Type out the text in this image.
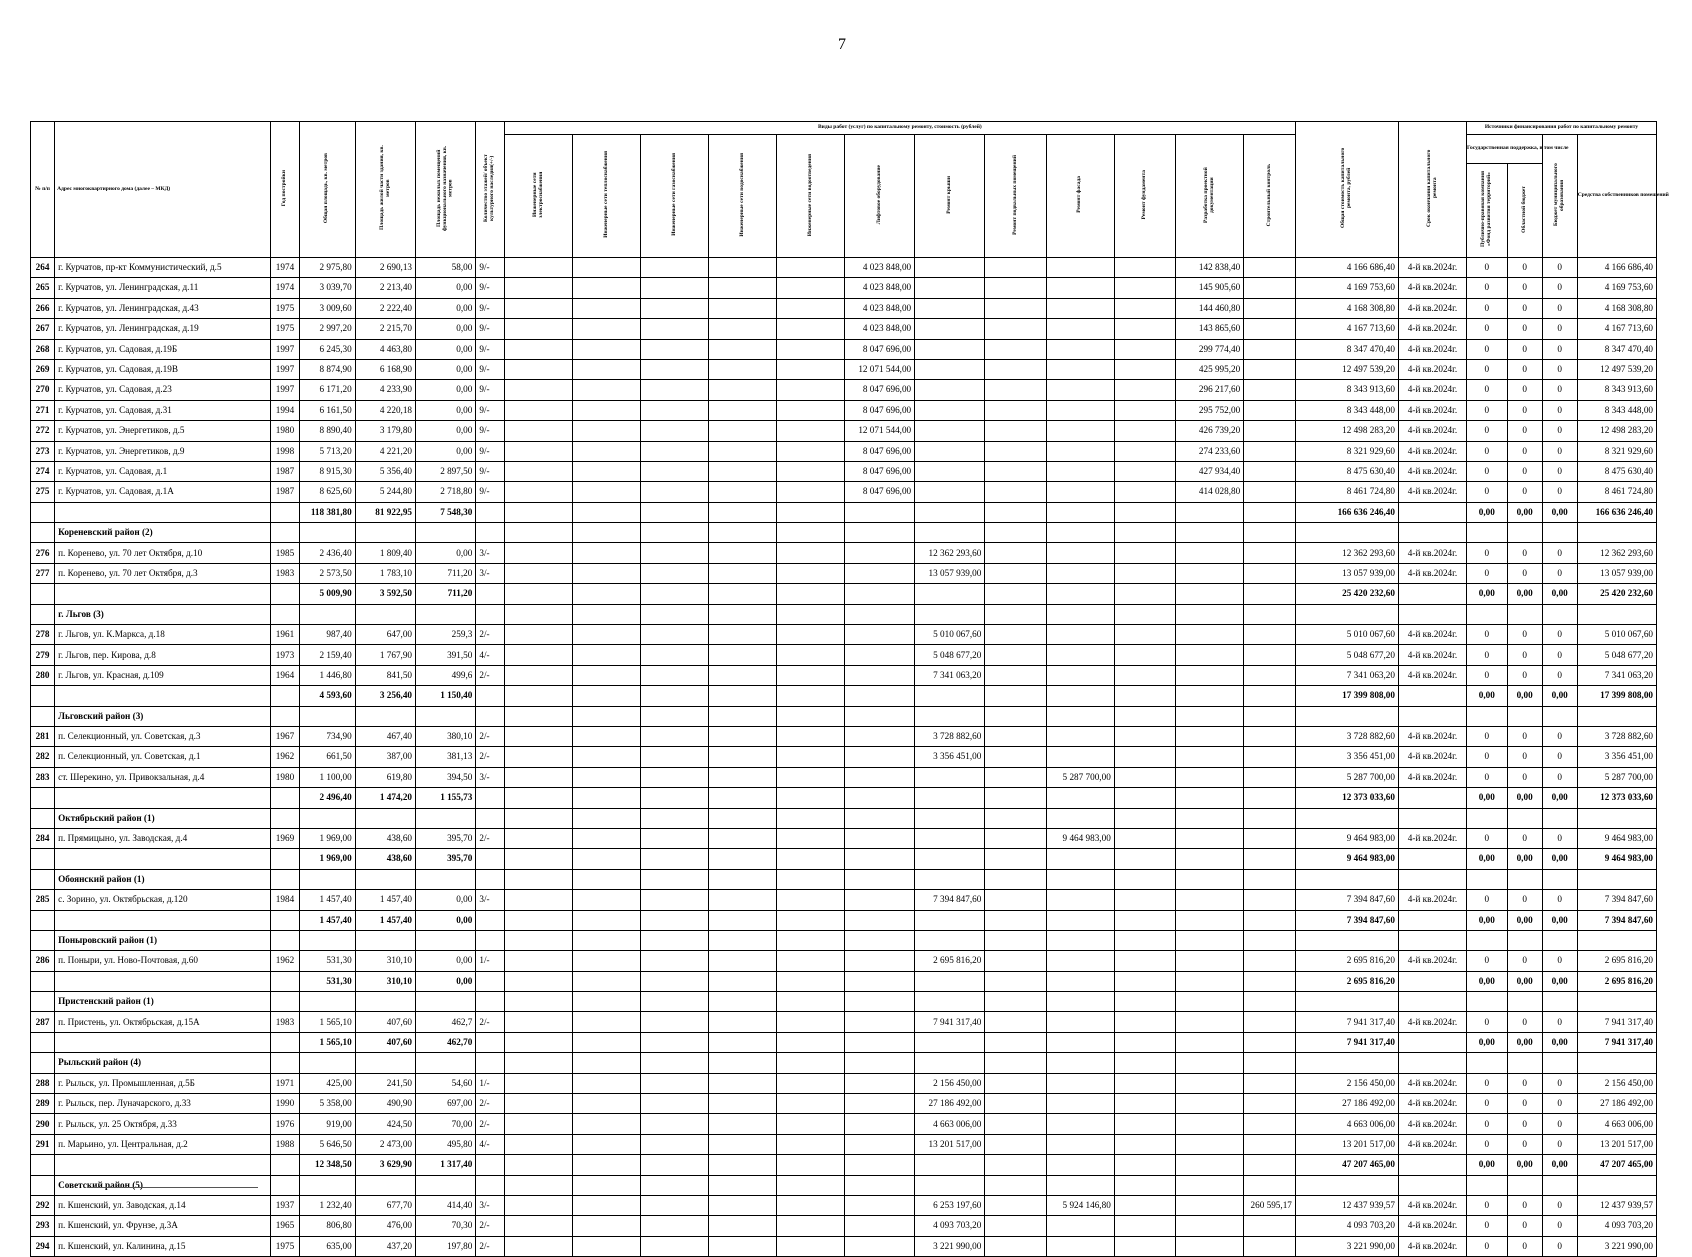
7
№ п/п	Адрес многоквартирного дома (далее – МКД)	Год постройки	Общая площадь, кв. метров	Площадь жилой части здания, кв. метров	Площадь нежилых помещений функционального назначения, кв. метров	Количество этажей/ объект культурного наследия(+/-)	Виды работ (услуг) по капитальному ремонту, стоимость (рублей)												Общая стоимость капитального ремонта, рублей	Срок окончания капитального ремонта	Источники финансирования работ по капитальному ремонту			
							Инженерные сети электроснабжения	Инженерные сети теплоснабжения	Инженерные сети газоснабжения	Инженерные сети водоснабжения	Инженерные сети водоотведения	Лифтовое оборудование	Ремонт крыши	Ремонт подвальных помещений	Ремонт фасада	Ремонт фундамента	Разработка проектной документации	Строительный контроль			Государственная поддержка, в том числе		Бюджет муниципального образования	Средства собственников помещений
																					Публично-правовая компания «Фонд развития территорий»	Областной бюджет		
264	г. Курчатов, пр-кт Коммунистический, д.5	1974	2 975,80	2 690,13	58,00	9/-						4 023 848,00					142 838,40		4 166 686,40	4-й кв.2024г.	0	0	0	4 166 686,40
265	г. Курчатов, ул. Ленинградская, д.11	1974	3 039,70	2 213,40	0,00	9/-						4 023 848,00					145 905,60		4 169 753,60	4-й кв.2024г.	0	0	0	4 169 753,60
266	г. Курчатов, ул. Ленинградская, д.43	1975	3 009,60	2 222,40	0,00	9/-						4 023 848,00					144 460,80		4 168 308,80	4-й кв.2024г.	0	0	0	4 168 308,80
267	г. Курчатов, ул. Ленинградская, д.19	1975	2 997,20	2 215,70	0,00	9/-						4 023 848,00					143 865,60		4 167 713,60	4-й кв.2024г.	0	0	0	4 167 713,60
268	г. Курчатов, ул. Садовая, д.19Б	1997	6 245,30	4 463,80	0,00	9/-						8 047 696,00					299 774,40		8 347 470,40	4-й кв.2024г.	0	0	0	8 347 470,40
269	г. Курчатов, ул. Садовая, д.19В	1997	8 874,90	6 168,90	0,00	9/-						12 071 544,00					425 995,20		12 497 539,20	4-й кв.2024г.	0	0	0	12 497 539,20
270	г. Курчатов, ул. Садовая, д.23	1997	6 171,20	4 233,90	0,00	9/-						8 047 696,00					296 217,60		8 343 913,60	4-й кв.2024г.	0	0	0	8 343 913,60
271	г. Курчатов, ул. Садовая, д.31	1994	6 161,50	4 220,18	0,00	9/-						8 047 696,00					295 752,00		8 343 448,00	4-й кв.2024г.	0	0	0	8 343 448,00
272	г. Курчатов, ул. Энергетиков, д.5	1980	8 890,40	3 179,80	0,00	9/-						12 071 544,00					426 739,20		12 498 283,20	4-й кв.2024г.	0	0	0	12 498 283,20
273	г. Курчатов, ул. Энергетиков, д.9	1998	5 713,20	4 221,20	0,00	9/-						8 047 696,00					274 233,60		8 321 929,60	4-й кв.2024г.	0	0	0	8 321 929,60
274	г. Курчатов, ул. Садовая, д.1	1987	8 915,30	5 356,40	2 897,50	9/-						8 047 696,00					427 934,40		8 475 630,40	4-й кв.2024г.	0	0	0	8 475 630,40
275	г. Курчатов, ул. Садовая, д.1А	1987	8 625,60	5 244,80	2 718,80	9/-						8 047 696,00					414 028,80		8 461 724,80	4-й кв.2024г.	0	0	0	8 461 724,80
			118 381,80	81 922,95	7 548,30														166 636 246,40		0,00	0,00	0,00	166 636 246,40
	Кореневский район (2)																							
276	п. Коренево, ул. 70 лет Октября, д.10	1985	2 436,40	1 809,40	0,00	3/-							12 362 293,60						12 362 293,60	4-й кв.2024г.	0	0	0	12 362 293,60
277	п. Коренево, ул. 70 лет Октября, д.3	1983	2 573,50	1 783,10	711,20	3/-							13 057 939,00						13 057 939,00	4-й кв.2024г.	0	0	0	13 057 939,00
			5 009,90	3 592,50	711,20														25 420 232,60		0,00	0,00	0,00	25 420 232,60
	г. Льгов (3)																							
278	г. Льгов, ул. К.Маркса, д.18	1961	987,40	647,00	259,3	2/-							5 010 067,60						5 010 067,60	4-й кв.2024г.	0	0	0	5 010 067,60
279	г. Льгов, пер. Кирова, д.8	1973	2 159,40	1 767,90	391,50	4/-							5 048 677,20						5 048 677,20	4-й кв.2024г.	0	0	0	5 048 677,20
280	г. Льгов, ул. Красная, д.109	1964	1 446,80	841,50	499,6	2/-							7 341 063,20						7 341 063,20	4-й кв.2024г.	0	0	0	7 341 063,20
			4 593,60	3 256,40	1 150,40														17 399 808,00		0,00	0,00	0,00	17 399 808,00
	Льговский район (3)																							
281	п. Селекционный, ул. Советская, д.3	1967	734,90	467,40	380,10	2/-							3 728 882,60						3 728 882,60	4-й кв.2024г.	0	0	0	3 728 882,60
282	п. Селекционный, ул. Советская, д.1	1962	661,50	387,00	381,13	2/-							3 356 451,00						3 356 451,00	4-й кв.2024г.	0	0	0	3 356 451,00
283	ст. Шерекино, ул. Привокзальная, д.4	1980	1 100,00	619,80	394,50	3/-									5 287 700,00				5 287 700,00	4-й кв.2024г.	0	0	0	5 287 700,00
			2 496,40	1 474,20	1 155,73														12 373 033,60		0,00	0,00	0,00	12 373 033,60
	Октябрьский район (1)																							
284	п. Прямицыно, ул. Заводская, д.4	1969	1 969,00	438,60	395,70	2/-									9 464 983,00				9 464 983,00	4-й кв.2024г.	0	0	0	9 464 983,00
			1 969,00	438,60	395,70														9 464 983,00		0,00	0,00	0,00	9 464 983,00
	Обоянский район (1)																							
285	с. Зорино, ул. Октябрьская, д.120	1984	1 457,40	1 457,40	0,00	3/-							7 394 847,60						7 394 847,60	4-й кв.2024г.	0	0	0	7 394 847,60
			1 457,40	1 457,40	0,00														7 394 847,60		0,00	0,00	0,00	7 394 847,60
	Поныровский район (1)																							
286	п. Поныри, ул. Ново-Почтовая, д.60	1962	531,30	310,10	0,00	1/-							2 695 816,20						2 695 816,20	4-й кв.2024г.	0	0	0	2 695 816,20
			531,30	310,10	0,00														2 695 816,20		0,00	0,00	0,00	2 695 816,20
	Пристенский район (1)																							
287	п. Пристень, ул. Октябрьская, д.15А	1983	1 565,10	407,60	462,7	2/-							7 941 317,40						7 941 317,40	4-й кв.2024г.	0	0	0	7 941 317,40
			1 565,10	407,60	462,70														7 941 317,40		0,00	0,00	0,00	7 941 317,40
	Рыльский район (4)																							
288	г. Рыльск, ул. Промышленная, д.5Б	1971	425,00	241,50	54,60	1/-							2 156 450,00						2 156 450,00	4-й кв.2024г.	0	0	0	2 156 450,00
289	г. Рыльск, пер. Луначарского, д.33	1990	5 358,00	490,90	697,00	2/-							27 186 492,00						27 186 492,00	4-й кв.2024г.	0	0	0	27 186 492,00
290	г. Рыльск, ул. 25 Октября, д.33	1976	919,00	424,50	70,00	2/-							4 663 006,00						4 663 006,00	4-й кв.2024г.	0	0	0	4 663 006,00
291	п. Марьино, ул. Центральная, д.2	1988	5 646,50	2 473,00	495,80	4/-							13 201 517,00						13 201 517,00	4-й кв.2024г.	0	0	0	13 201 517,00
			12 348,50	3 629,90	1 317,40														47 207 465,00		0,00	0,00	0,00	47 207 465,00
	Советский район (5)																							
292	п. Кшенский, ул. Заводская, д.14	1937	1 232,40	677,70	414,40	3/-							6 253 197,60		5 924 146,80			260 595,17	12 437 939,57	4-й кв.2024г.	0	0	0	12 437 939,57
293	п. Кшенский, ул. Фрунзе, д.3А	1965	806,80	476,00	70,30	2/-							4 093 703,20						4 093 703,20	4-й кв.2024г.	0	0	0	4 093 703,20
294	п. Кшенский, ул. Калинина, д.15	1975	635,00	437,20	197,80	2/-							3 221 990,00						3 221 990,00	4-й кв.2024г.	0	0	0	3 221 990,00
